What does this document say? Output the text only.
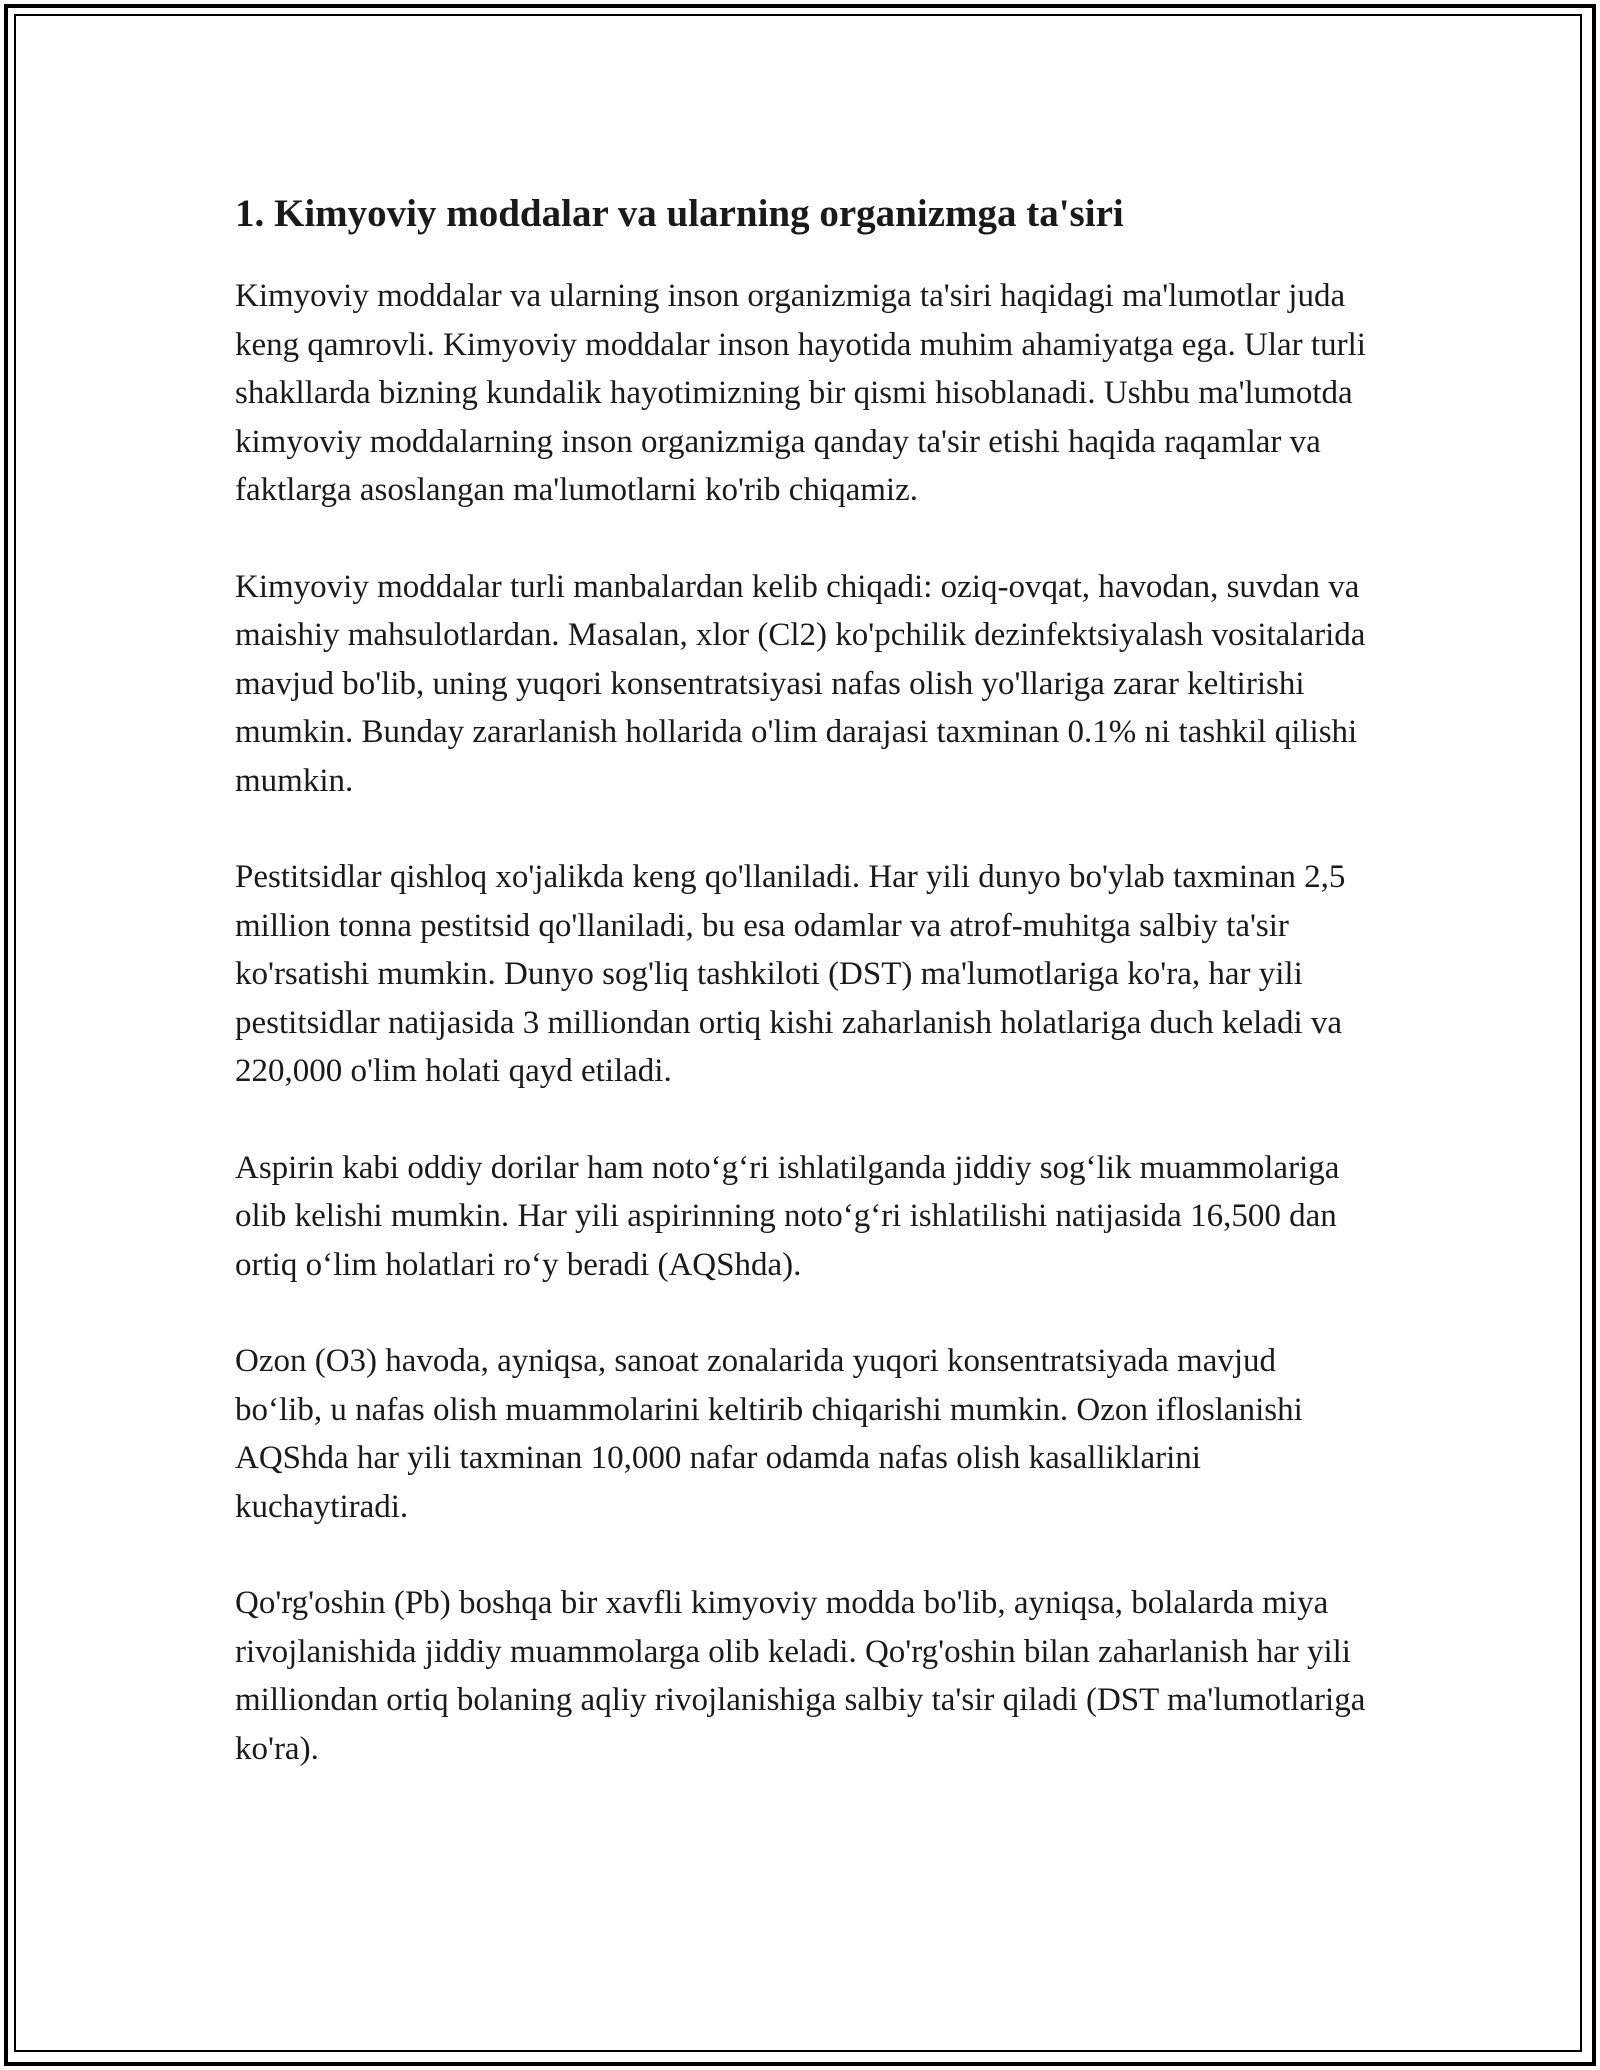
1. Kimyoviy moddalar va ularning organizmga ta'siri

Kimyoviy moddalar va ularning inson organizmiga ta'siri haqidagi ma'lumotlar juda keng qamrovli. Kimyoviy moddalar inson hayotida muhim ahamiyatga ega. Ular turli shakllarda bizning kundalik hayotimizning bir qismi hisoblanadi. Ushbu ma'lumotda kimyoviy moddalarning inson organizmiga qanday ta'sir etishi haqida raqamlar va faktlarga asoslangan ma'lumotlarni ko'rib chiqamiz.

Kimyoviy moddalar turli manbalardan kelib chiqadi: oziq-ovqat, havodan, suvdan va maishiy mahsulotlardan. Masalan, xlor (Cl2) ko'pchilik dezinfektsiyalash vositalarida mavjud bo'lib, uning yuqori konsentratsiyasi nafas olish yo'llariga zarar keltirishi mumkin. Bunday zararlanish hollarida o'lim darajasi taxminan 0.1% ni tashkil qilishi mumkin.

Pestitsidlar qishloq xo'jalikda keng qo'llaniladi. Har yili dunyo bo'ylab taxminan 2,5 million tonna pestitsid qo'llaniladi, bu esa odamlar va atrof-muhitga salbiy ta'sir ko'rsatishi mumkin. Dunyo sog'liq tashkiloti (DST) ma'lumotlariga ko'ra, har yili pestitsidlar natijasida 3 milliondan ortiq kishi zaharlanish holatlariga duch keladi va 220,000 o'lim holati qayd etiladi.

Aspirin kabi oddiy dorilar ham noto‘g‘ri ishlatilganda jiddiy sog‘lik muammolariga olib kelishi mumkin. Har yili aspirinning noto‘g‘ri ishlatilishi natijasida 16,500 dan ortiq o‘lim holatlari ro‘y beradi (AQShda).

Ozon (O3) havoda, ayniqsa, sanoat zonalarida yuqori konsentratsiyada mavjud bo‘lib, u nafas olish muammolarini keltirib chiqarishi mumkin. Ozon ifloslanishi AQShda har yili taxminan 10,000 nafar odamda nafas olish kasalliklarini kuchaytiradi.

Qo'rg'oshin (Pb) boshqa bir xavfli kimyoviy modda bo'lib, ayniqsa, bolalarda miya rivojlanishida jiddiy muammolarga olib keladi. Qo'rg'oshin bilan zaharlanish har yili milliondan ortiq bolaning aqliy rivojlanishiga salbiy ta'sir qiladi (DST ma'lumotlariga ko'ra).
